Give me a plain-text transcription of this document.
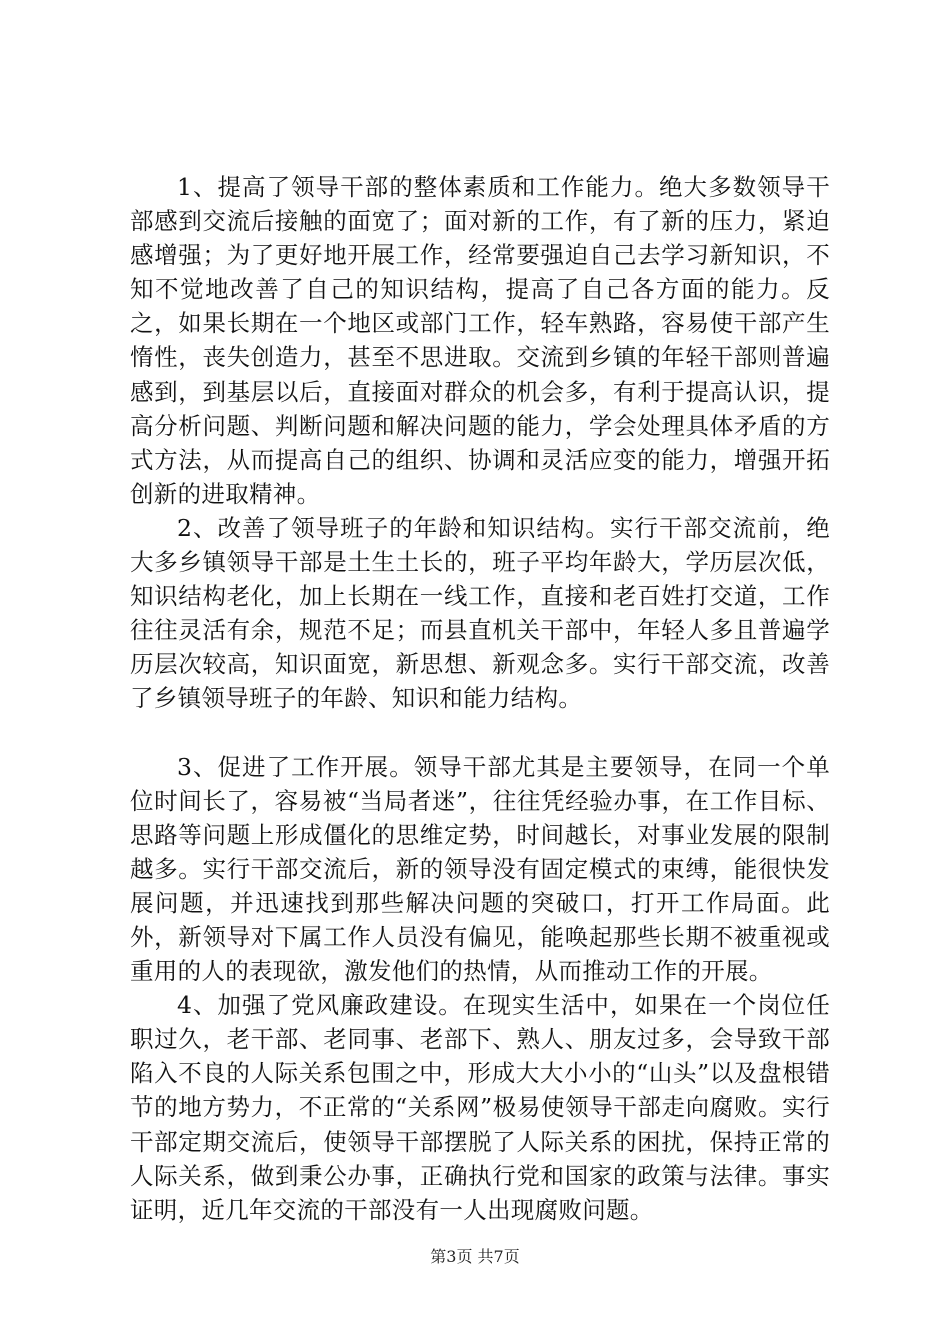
1、提高了领导干部的整体素质和工作能力。绝大多数领导干部感到交流后接触的面宽了；面对新的工作，有了新的压力，紧迫感增强；为了更好地开展工作，经常要强迫自己去学习新知识，不知不觉地改善了自己的知识结构，提高了自己各方面的能力。反之，如果长期在一个地区或部门工作，轻车熟路，容易使干部产生惰性，丧失创造力，甚至不思进取。交流到乡镇的年轻干部则普遍感到，到基层以后，直接面对群众的机会多，有利于提高认识，提高分析问题、判断问题和解决问题的能力，学会处理具体矛盾的方式方法，从而提高自己的组织、协调和灵活应变的能力，增强开拓创新的进取精神。

2、改善了领导班子的年龄和知识结构。实行干部交流前，绝大多乡镇领导干部是土生土长的，班子平均年龄大，学历层次低，知识结构老化，加上长期在一线工作，直接和老百姓打交道，工作往往灵活有余，规范不足；而县直机关干部中，年轻人多且普遍学历层次较高，知识面宽，新思想、新观念多。实行干部交流，改善了乡镇领导班子的年龄、知识和能力结构。

3、促进了工作开展。领导干部尤其是主要领导，在同一个单位时间长了，容易被“当局者迷”，往往凭经验办事，在工作目标、思路等问题上形成僵化的思维定势，时间越长，对事业发展的限制越多。实行干部交流后，新的领导没有固定模式的束缚，能很快发展问题，并迅速找到那些解决问题的突破口，打开工作局面。此外，新领导对下属工作人员没有偏见，能唤起那些长期不被重视或重用的人的表现欲，激发他们的热情，从而推动工作的开展。

4、加强了党风廉政建设。在现实生活中，如果在一个岗位任职过久，老干部、老同事、老部下、熟人、朋友过多，会导致干部陷入不良的人际关系包围之中，形成大大小小的“山头”以及盘根错节的地方势力，不正常的“关系网”极易使领导干部走向腐败。实行干部定期交流后，使领导干部摆脱了人际关系的困扰，保持正常的人际关系，做到秉公办事，正确执行党和国家的政策与法律。事实证明，近几年交流的干部没有一人出现腐败问题。

第3页 共7页
